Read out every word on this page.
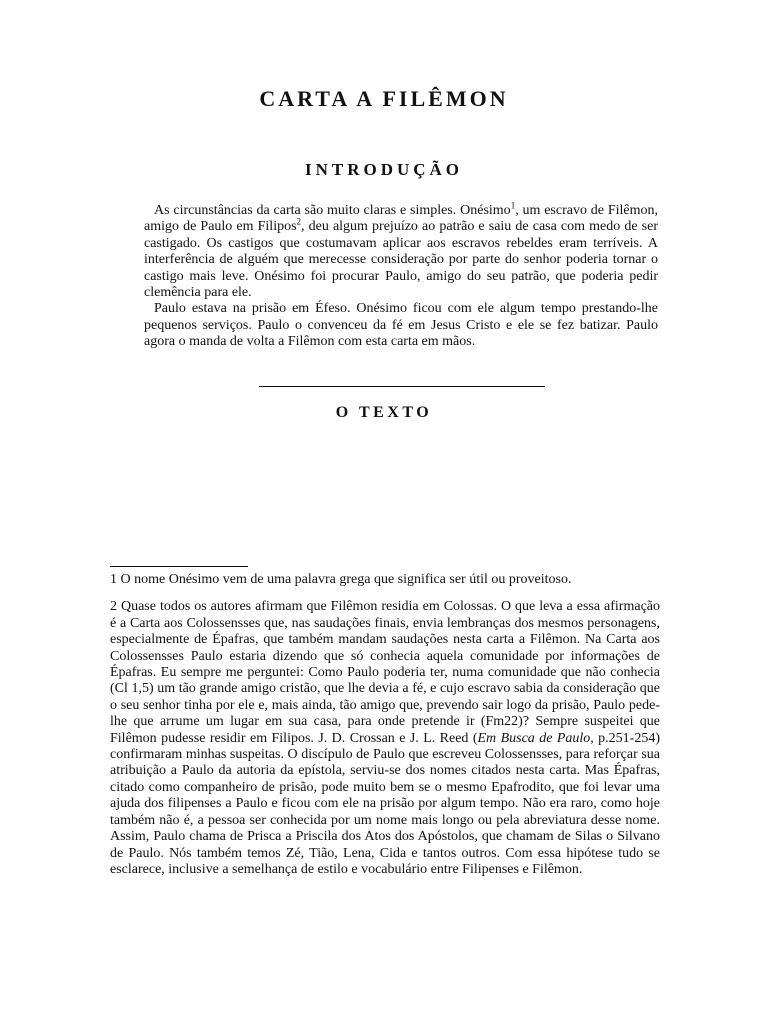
CARTA A FILÊMON
INTRODUÇÃO

As circunstâncias da carta são muito claras e simples. Onésimo$^1$, um escravo de Filêmon, amigo de Paulo em Filipos$^2$, deu algum prejuízo ao patrão e saiu de casa com medo de ser castigado. Os castigos que costumavam aplicar aos escravos rebeldes eram terríveis. A interferência de alguém que merecesse consideração por parte do senhor poderia tornar o castigo mais leve. Onésimo foi procurar Paulo, amigo do seu patrão, que poderia pedir clemência para ele.

Paulo estava na prisão em Éfeso. Onésimo ficou com ele algum tempo prestando-lhe pequenos serviços. Paulo o convenceu da fé em Jesus Cristo e ele se fez batizar. Paulo agora o manda de volta a Filêmon com esta carta em mãos.

O TEXTO

1 O nome Onésimo vem de uma palavra grega que significa ser útil ou proveitoso.

2 Quase todos os autores afirmam que Filêmon residia em Colossas. O que leva a essa afirmação é a Carta aos Colossensses que, nas saudações finais, envia lembranças dos mesmos personagens, especialmente de Épafras, que também mandam saudações nesta carta a Filêmon. Na Carta aos Colossensses Paulo estaria dizendo que só conhecia aquela comunidade por informações de Épafras. Eu sempre me perguntei: Como Paulo poderia ter, numa comunidade que não conhecia (Cl 1,5) um tão grande amigo cristão, que lhe devia a fé, e cujo escravo sabia da consideração que o seu senhor tinha por ele e, mais ainda, tão amigo que, prevendo sair logo da prisão, Paulo pede-lhe que arrume um lugar em sua casa, para onde pretende ir (Fm22)? Sempre suspeitei que Filêmon pudesse residir em Filipos. J. D. Crossan e J. L. Reed (Em Busca de Paulo, p.251-254) confirmaram minhas suspeitas. O discípulo de Paulo que escreveu Colossensses, para reforçar sua atribuição a Paulo da autoria da epístola, serviu-se dos nomes citados nesta carta. Mas Épafras, citado como companheiro de prisão, pode muito bem se o mesmo Epafrodito, que foi levar uma ajuda dos filipenses a Paulo e ficou com ele na prisão por algum tempo. Não era raro, como hoje também não é, a pessoa ser conhecida por um nome mais longo ou pela abreviatura desse nome. Assim, Paulo chama de Prisca a Priscila dos Atos dos Apóstolos, que chamam de Silas o Silvano de Paulo. Nós também temos Zé, Tião, Lena, Cida e tantos outros. Com essa hipótese tudo se esclarece, inclusive a semelhança de estilo e vocabulário entre Filipenses e Filêmon.
